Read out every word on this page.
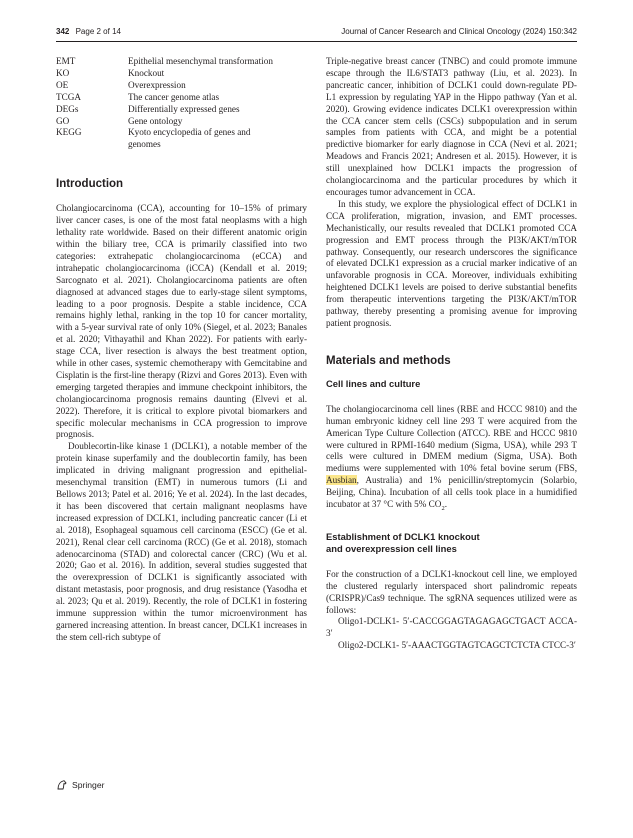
342 Page 2 of 14	Journal of Cancer Research and Clinical Oncology (2024) 150:342
EMT	Epithelial mesenchymal transformation
KO	Knockout
OE	Overexpression
TCGA	The cancer genome atlas
DEGs	Differentially expressed genes
GO	Gene ontology
KEGG	Kyoto encyclopedia of genes and genomes
Introduction

Cholangiocarcinoma (CCA), accounting for 10–15% of primary liver cancer cases, is one of the most fatal neoplasms with a high lethality rate worldwide. Based on their different anatomic origin within the biliary tree, CCA is primarily classified into two categories: extrahepatic cholangiocarcinoma (eCCA) and intrahepatic cholangiocarcinoma (iCCA) (Kendall et al. 2019; Sarcognato et al. 2021). Cholangiocarcinoma patients are often diagnosed at advanced stages due to early-stage silent symptoms, leading to a poor prognosis. Despite a stable incidence, CCA remains highly lethal, ranking in the top 10 for cancer mortality, with a 5-year survival rate of only 10% (Siegel, et al. 2023; Banales et al. 2020; Vithayathil and Khan 2022). For patients with early-stage CCA, liver resection is always the best treatment option, while in other cases, systemic chemotherapy with Gemcitabine and Cisplatin is the first-line therapy (Rizvi and Gores 2013). Even with emerging targeted therapies and immune checkpoint inhibitors, the cholangiocarcinoma prognosis remains daunting (Elvevi et al. 2022). Therefore, it is critical to explore pivotal biomarkers and specific molecular mechanisms in CCA progression to improve prognosis.

Doublecortin-like kinase 1 (DCLK1), a notable member of the protein kinase superfamily and the doublecortin family, has been implicated in driving malignant progression and epithelial-mesenchymal transition (EMT) in numerous tumors (Li and Bellows 2013; Patel et al. 2016; Ye et al. 2024). In the last decades, it has been discovered that certain malignant neoplasms have increased expression of DCLK1, including pancreatic cancer (Li et al. 2018), Esophageal squamous cell carcinoma (ESCC) (Ge et al. 2021), Renal clear cell carcinoma (RCC) (Ge et al. 2018), stomach adenocarcinoma (STAD) and colorectal cancer (CRC) (Wu et al. 2020; Gao et al. 2016). In addition, several studies suggested that the overexpression of DCLK1 is significantly associated with distant metastasis, poor prognosis, and drug resistance (Yasodha et al. 2023; Qu et al. 2019). Recently, the role of DCLK1 in fostering immune suppression within the tumor microenvironment has garnered increasing attention. In breast cancer, DCLK1 increases in the stem cell-rich subtype of

Triple-negative breast cancer (TNBC) and could promote immune escape through the IL6/STAT3 pathway (Liu, et al. 2023). In pancreatic cancer, inhibition of DCLK1 could down-regulate PD-L1 expression by regulating YAP in the Hippo pathway (Yan et al. 2020). Growing evidence indicates DCLK1 overexpression within the CCA cancer stem cells (CSCs) subpopulation and in serum samples from patients with CCA, and might be a potential predictive biomarker for early diagnose in CCA (Nevi et al. 2021; Meadows and Francis 2021; Andresen et al. 2015). However, it is still unexplained how DCLK1 impacts the progression of cholangiocarcinoma and the particular procedures by which it encourages tumor advancement in CCA.

In this study, we explore the physiological effect of DCLK1 in CCA proliferation, migration, invasion, and EMT processes. Mechanistically, our results revealed that DCLK1 promoted CCA progression and EMT process through the PI3K/AKT/mTOR pathway. Consequently, our research underscores the significance of elevated DCLK1 expression as a crucial marker indicative of an unfavorable prognosis in CCA. Moreover, individuals exhibiting heightened DCLK1 levels are poised to derive substantial benefits from therapeutic interventions targeting the PI3K/AKT/mTOR pathway, thereby presenting a promising avenue for improving patient prognosis.

Materials and methods
Cell lines and culture

The cholangiocarcinoma cell lines (RBE and HCCC 9810) and the human embryonic kidney cell line 293 T were acquired from the American Type Culture Collection (ATCC). RBE and HCCC 9810 were cultured in RPMI-1640 medium (Sigma, USA), while 293 T cells were cultured in DMEM medium (Sigma, USA). Both mediums were supplemented with 10% fetal bovine serum (FBS, Ausbian, Australia) and 1% penicillin/streptomycin (Solarbio, Beijing, China). Incubation of all cells took place in a humidified incubator at 37 °C with 5% $CO_2$.

Establishment of DCLK1 knockout
and overexpression cell lines

For the construction of a DCLK1-knockout cell line, we employed the clustered regularly interspaced short palindromic repeats (CRISPR)/Cas9 technique. The sgRNA sequences utilized were as follows:

Oligo1-DCLK1- 5′-CACCGGAGTAGAGAGCTGACT ACCA-3′

Oligo2-DCLK1- 5′-AAACTGGTAGTCAGCTCTCTA CTCC-3′

Springer
